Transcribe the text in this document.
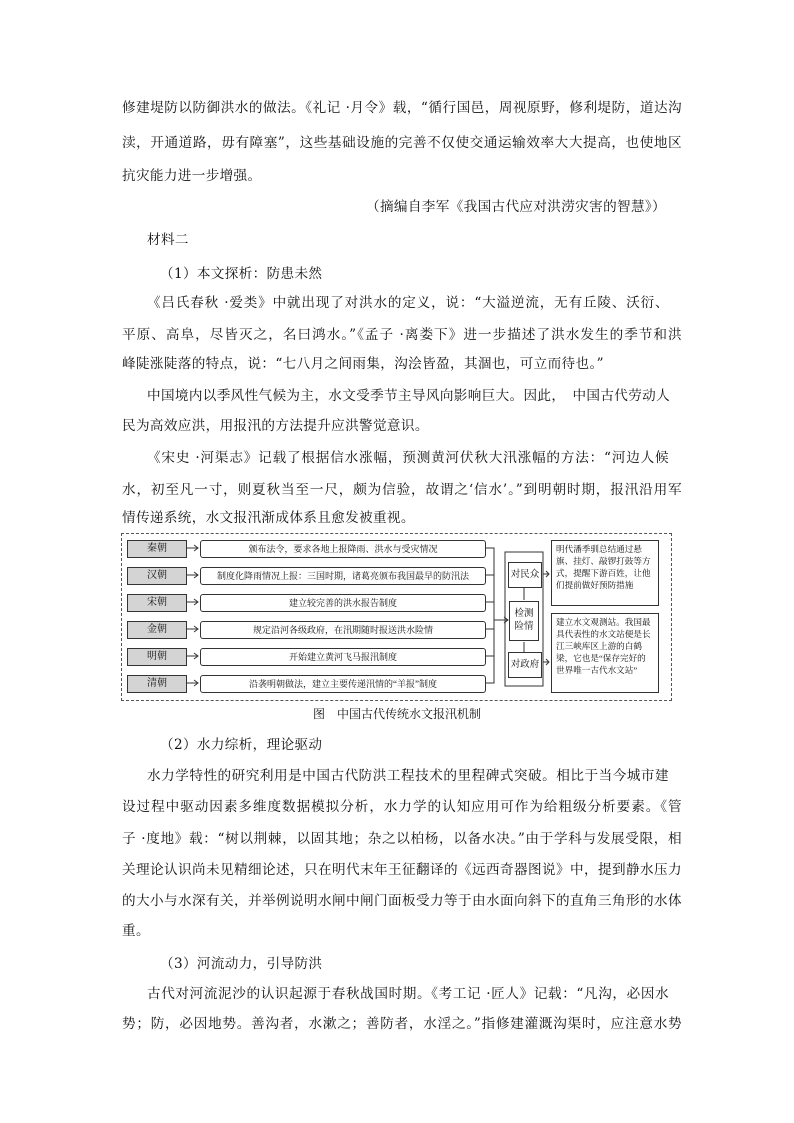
修建堤防以防御洪水的做法。《礼记 ·月令》载，“循行国邑，周视原野，修利堤防，道达沟
渎，开通道路，毋有障塞”，这些基础设施的完善不仅使交通运输效率大大提高，也使地区
抗灾能力进一步增强。
（摘编自李军《我国古代应对洪涝灾害的智慧》）
材料二
（1）本文探析：防患未然
《吕氏春秋 ·爱类》中就出现了对洪水的定义，说：“大溢逆流，无有丘陵、沃衍、
平原、高阜，尽皆灭之，名曰鸿水。”《孟子 ·离娄下》进一步描述了洪水发生的季节和洪
峰陡涨陡落的特点，说：“七八月之间雨集，沟浍皆盈，其涸也，可立而待也。”
中国境内以季风性气候为主，水文受季节主导风向影响巨大。因此，　中国古代劳动人
民为高效应洪，用报汛的方法提升应洪警觉意识。
《宋史 ·河渠志》记载了根据信水涨幅，预测黄河伏秋大汛涨幅的方法：“河边人候
水，初至凡一寸，则夏秋当至一尺，颇为信验，故谓之‘信水’。”到明朝时期，报汛沿用军
情传递系统，水文报汛渐成体系且愈发被重视。
秦朝
汉朝
宋朝
金朝
明朝
清朝
颁布法令，要求各地上报降雨、洪水与受灾情况
制度化降雨情况上报：三国时期，诸葛亮颁布我国最早的防汛法
建立较完善的洪水报告制度
规定沿河各级政府，在汛期随时报送洪水险情
开始建立黄河飞马报汛制度
沿袭明朝做法，建立主要传递汛情的“羊报”制度
对民众
检测险情
对政府
明代潘季驯总结通过悬旗、挂灯、敲锣打鼓等方式，提醒下游百姓，让他们提前做好预防措施
建立水文观测站。我国最具代表性的水文站便是长江三峡库区上游的白鹤梁，它也是“保存完好的世界唯一古代水文站”
图　中国古代传统水文报汛机制
（2）水力综析，理论驱动
水力学特性的研究利用是中国古代防洪工程技术的里程碑式突破。相比于当今城市建
设过程中驱动因素多维度数据模拟分析，水力学的认知应用可作为给粗级分析要素。《管
子 ·度地》载：“树以荆棘，以固其地；杂之以柏杨，以备水决。”由于学科与发展受限，相
关理论认识尚未见精细论述，只在明代末年王征翻译的《远西奇器图说》中，提到静水压力
的大小与水深有关，并举例说明水闸中闸门面板受力等于由水面向斜下的直角三角形的水体
重。
（3）河流动力，引导防洪
古代对河流泥沙的认识起源于春秋战国时期。《考工记 ·匠人》记载：“凡沟，必因水
势；防，必因地势。善沟者，水漱之；善防者，水淫之。”指修建灌溉沟渠时，应注意水势
